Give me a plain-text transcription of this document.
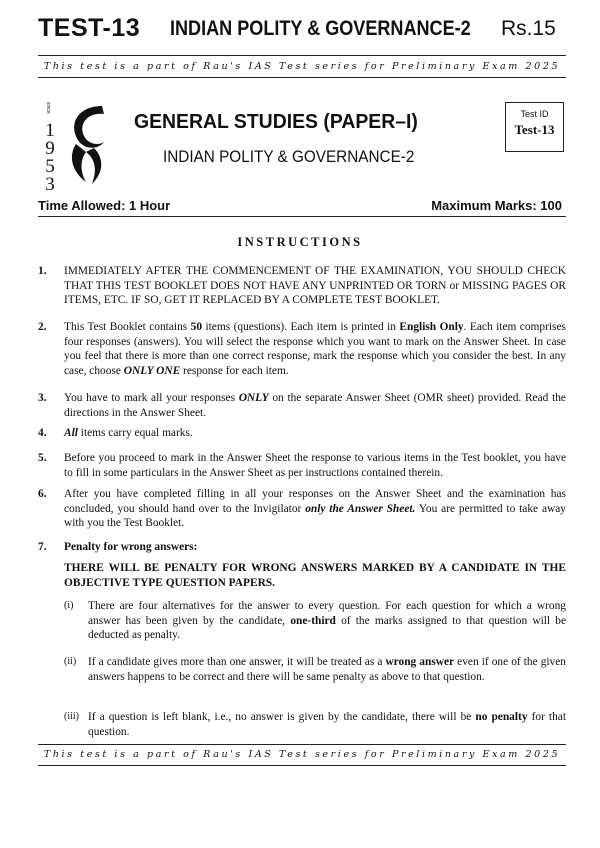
TEST-13 INDIAN POLITY & GOVERNANCE-2 Rs.15
This test is a part of Rau's IAS Test series for Preliminary Exam 2025
since
1
9
5
3
GENERAL STUDIES (PAPER–I)
INDIAN POLITY & GOVERNANCE-2
Test ID
Test-13
Time Allowed: 1 Hour	Maximum Marks: 100
INSTRUCTIONS
1. IMMEDIATELY AFTER THE COMMENCEMENT OF THE EXAMINATION, YOU SHOULD CHECK THAT THIS TEST BOOKLET DOES NOT HAVE ANY UNPRINTED OR TORN or MISSING PAGES OR ITEMS, ETC. IF SO, GET IT REPLACED BY A COMPLETE TEST BOOKLET.
2. This Test Booklet contains 50 items (questions). Each item is printed in English Only. Each item comprises four responses (answers). You will select the response which you want to mark on the Answer Sheet. In case you feel that there is more than one correct response, mark the response which you consider the best. In any case, choose ONLY ONE response for each item.
3. You have to mark all your responses ONLY on the separate Answer Sheet (OMR sheet) provided. Read the directions in the Answer Sheet.
4. All items carry equal marks.
5. Before you proceed to mark in the Answer Sheet the response to various items in the Test booklet, you have to fill in some particulars in the Answer Sheet as per instructions contained therein.
6. After you have completed filling in all your responses on the Answer Sheet and the examination has concluded, you should hand over to the Invigilator only the Answer Sheet. You are permitted to take away with you the Test Booklet.
7. Penalty for wrong answers:
THERE WILL BE PENALTY FOR WRONG ANSWERS MARKED BY A CANDIDATE IN THE OBJECTIVE TYPE QUESTION PAPERS.
(i) There are four alternatives for the answer to every question. For each question for which a wrong answer has been given by the candidate, one-third of the marks assigned to that question will be deducted as penalty.
(ii) If a candidate gives more than one answer, it will be treated as a wrong answer even if one of the given answers happens to be correct and there will be same penalty as above to that question.
(iii) If a question is left blank, i.e., no answer is given by the candidate, there will be no penalty for that question.
This test is a part of Rau's IAS Test series for Preliminary Exam 2025
